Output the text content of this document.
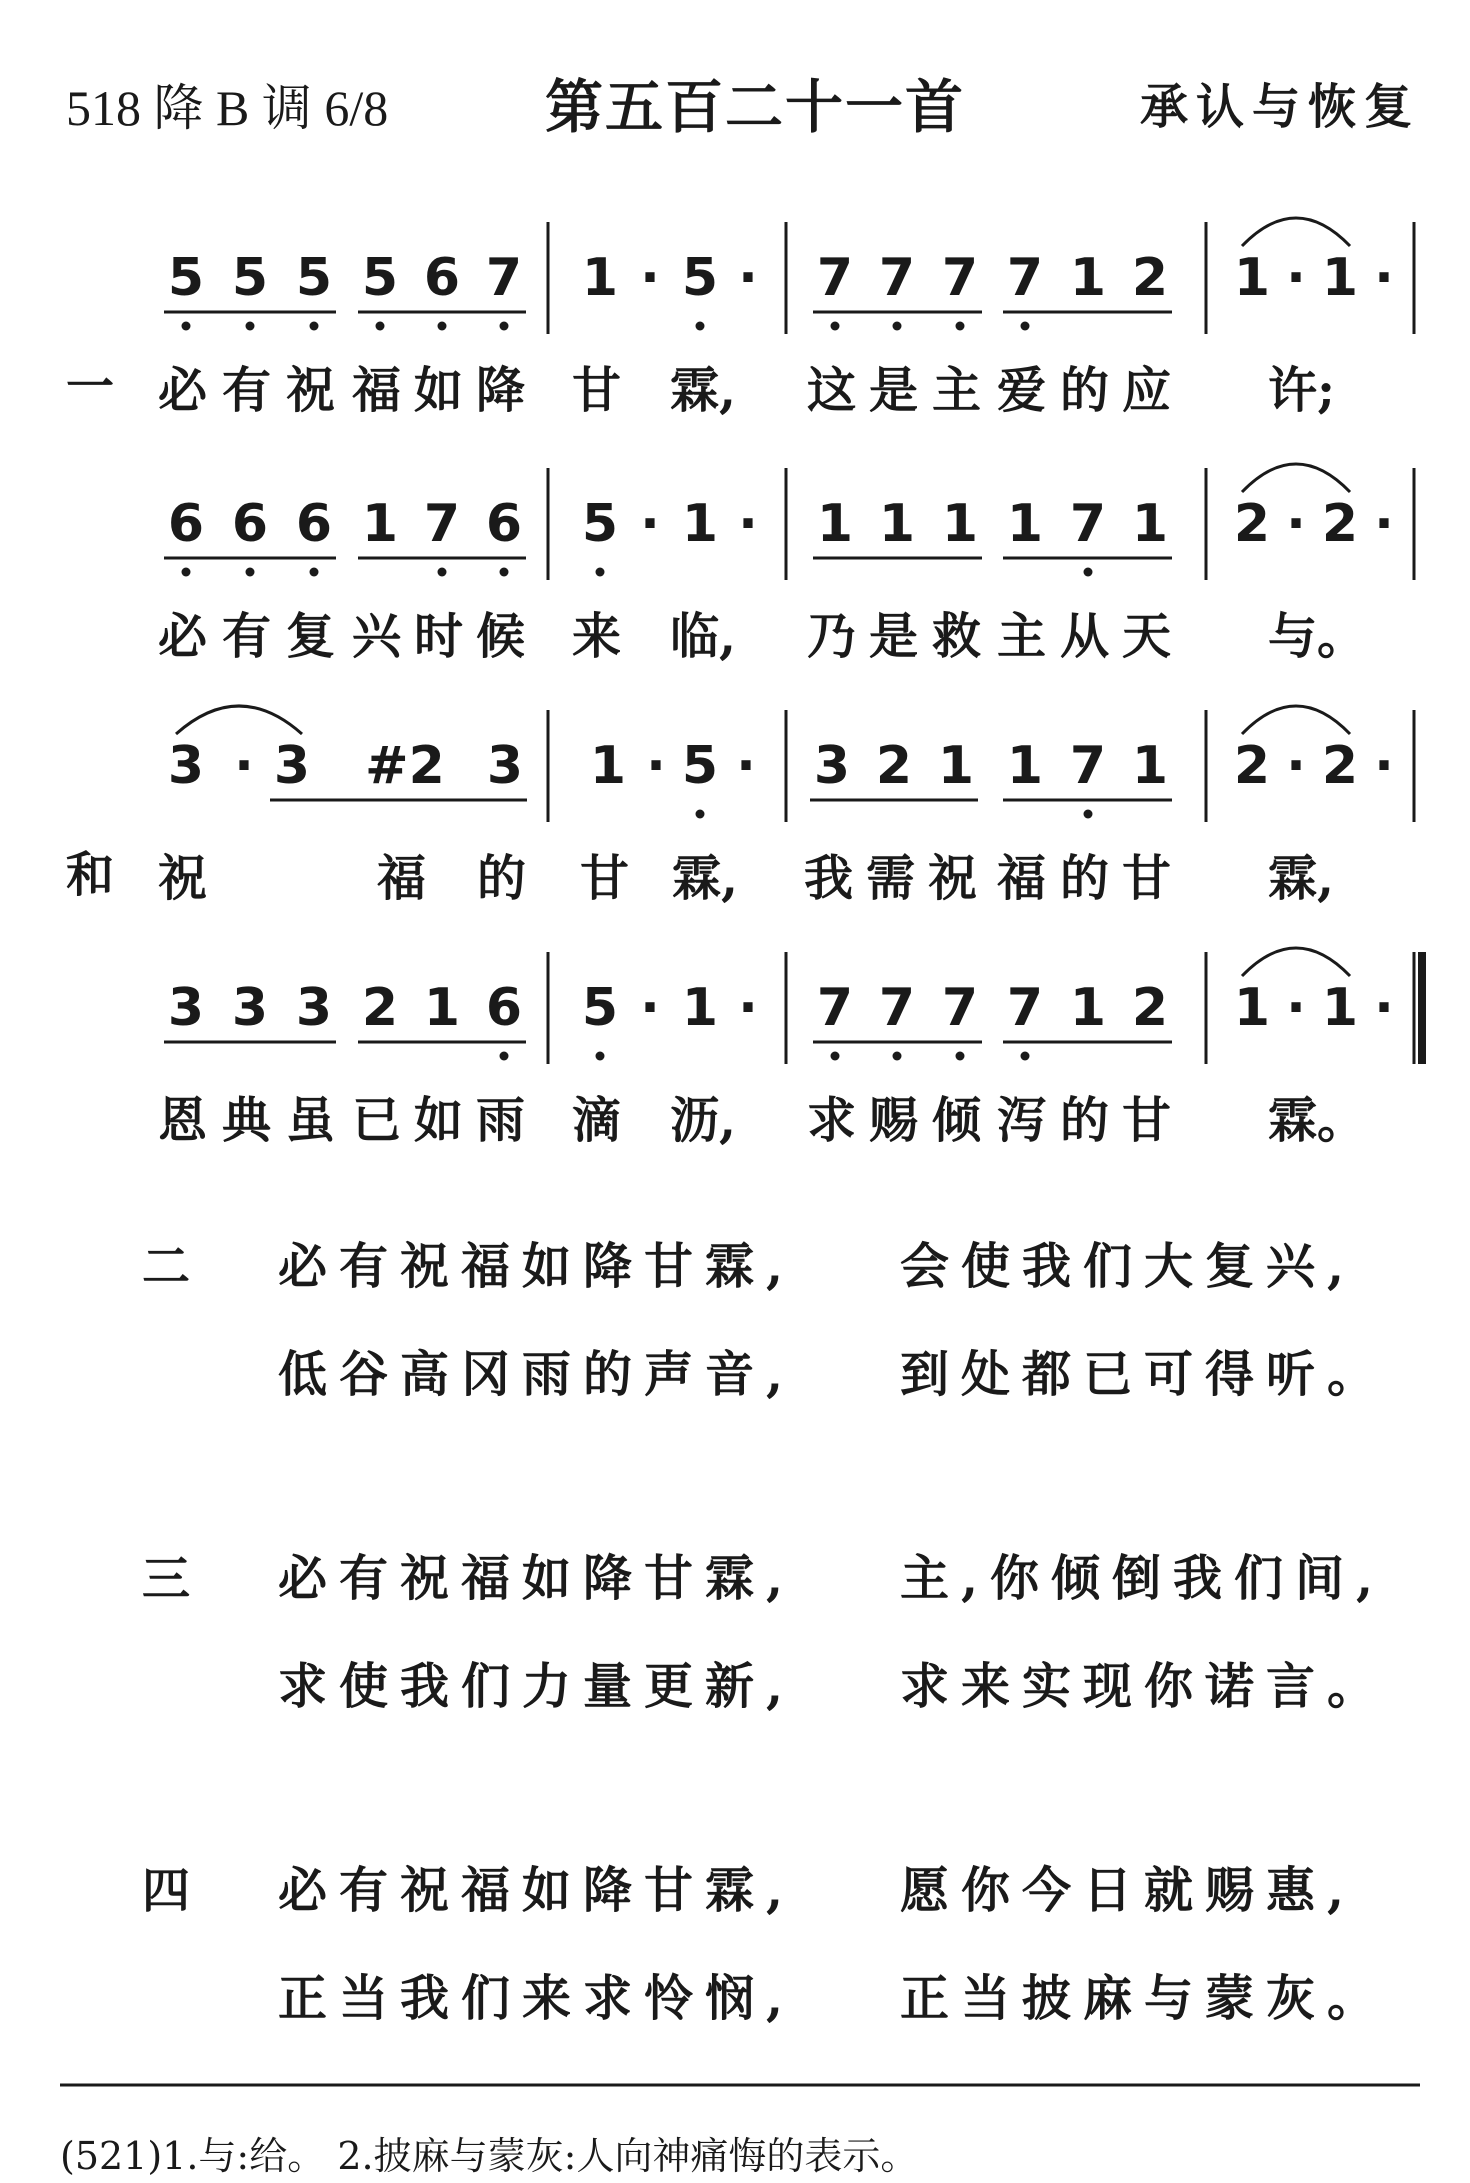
518 降 B 调 6/8	第五百二十一首	承认与恢复
5 5 5 5 6 7 1 · 5 · 7 7 7 7 1 2 1 · 1 ·
6 6 6 1 7 6 5 · 1 · 1 1 1 1 7 1 2 · 2 ·
3 · 3 #2 3 1 · 5 · 3 2 1 1 7 1 2 · 2 ·
3 3 3 2 1 6 5 · 1 · 7 7 7 7 1 2 1 · 1 ·
一 必 有 祝 福 如 降 甘 霖, 这 是 主 爱 的 应 许;
必 有 复 兴 时 候 来 临, 乃 是 救 主 从 天 与。
和 祝	福 的 甘 霖, 我 需 祝 福 的 甘 霖,
恩 典 虽 已 如 雨 滴 沥, 求 赐 倾 泻 的 甘 霖。
二 必有祝福如降甘霖, 会使我们大复兴,
低谷高冈雨的声音, 到处都已可得听。
三 必有祝福如降甘霖, 主,你倾倒我们间,
求使我们力量更新, 求来实现你诺言。
四 必有祝福如降甘霖, 愿你今日就赐惠,
正当我们来求怜悯, 正当披麻与蒙灰。
(521)1.与:给。 2.披麻与蒙灰:人向神痛悔的表示。
